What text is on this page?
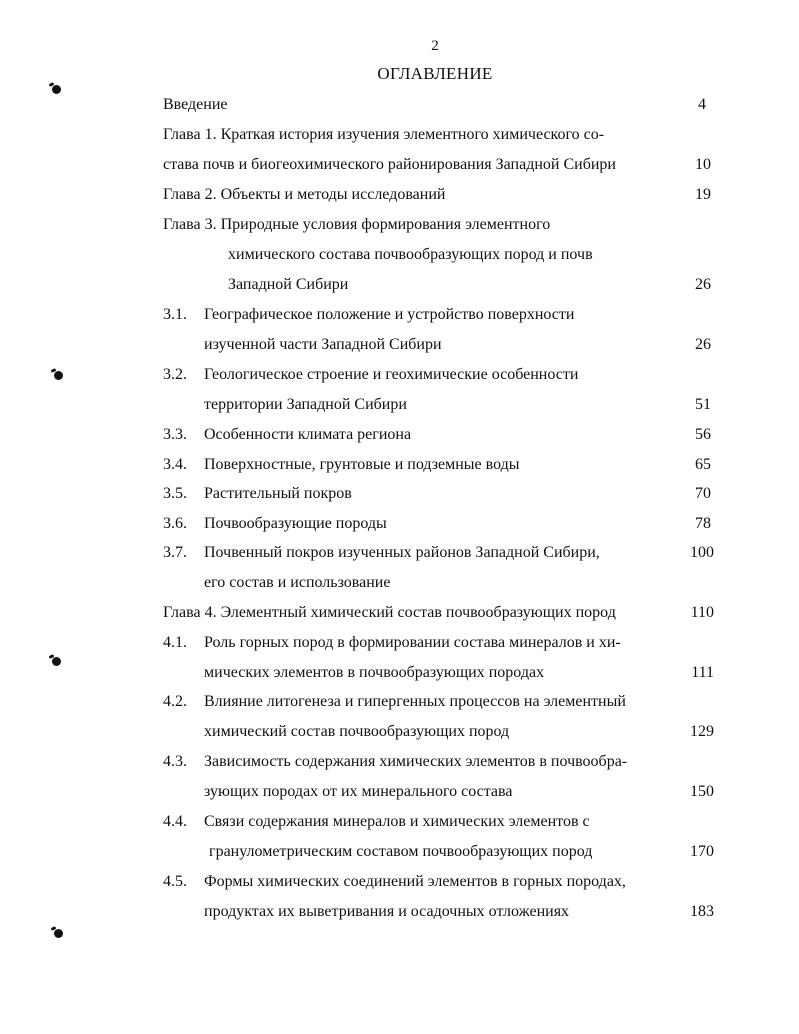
2
ОГЛАВЛЕНИЕ
Введение	4
Глава 1. Краткая история изучения элементного химического со-
става почв и биогеохимического районирования Западной Сибири	10
Глава 2. Объекты и методы исследований	19
Глава 3. Природные условия формирования элементного
химического состава почвообразующих пород и почв
Западной Сибири	26
3.1. Географическое положение и устройство поверхности
изученной части Западной Сибири	26
3.2. Геологическое строение и геохимические особенности
территории Западной Сибири	51
3.3. Особенности климата региона	56
3.4. Поверхностные, грунтовые и подземные воды	65
3.5. Растительный покров	70
3.6. Почвообразующие породы	78
3.7. Почвенный покров изученных районов Западной Сибири,	100
его состав и использование
Глава 4. Элементный химический состав почвообразующих пород	110
4.1. Роль горных пород в формировании состава минералов и хи-
мических элементов в почвообразующих породах	111
4.2. Влияние литогенеза и гипергенных процессов на элементный
химический состав почвообразующих пород	129
4.3. Зависимость содержания химических элементов в почвообра-
зующих породах от их минерального состава	150
4.4. Связи содержания минералов и химических элементов с
гранулометрическим составом почвообразующих пород	170
4.5. Формы химических соединений элементов в горных породах,
продуктах их выветривания и осадочных отложениях	183
